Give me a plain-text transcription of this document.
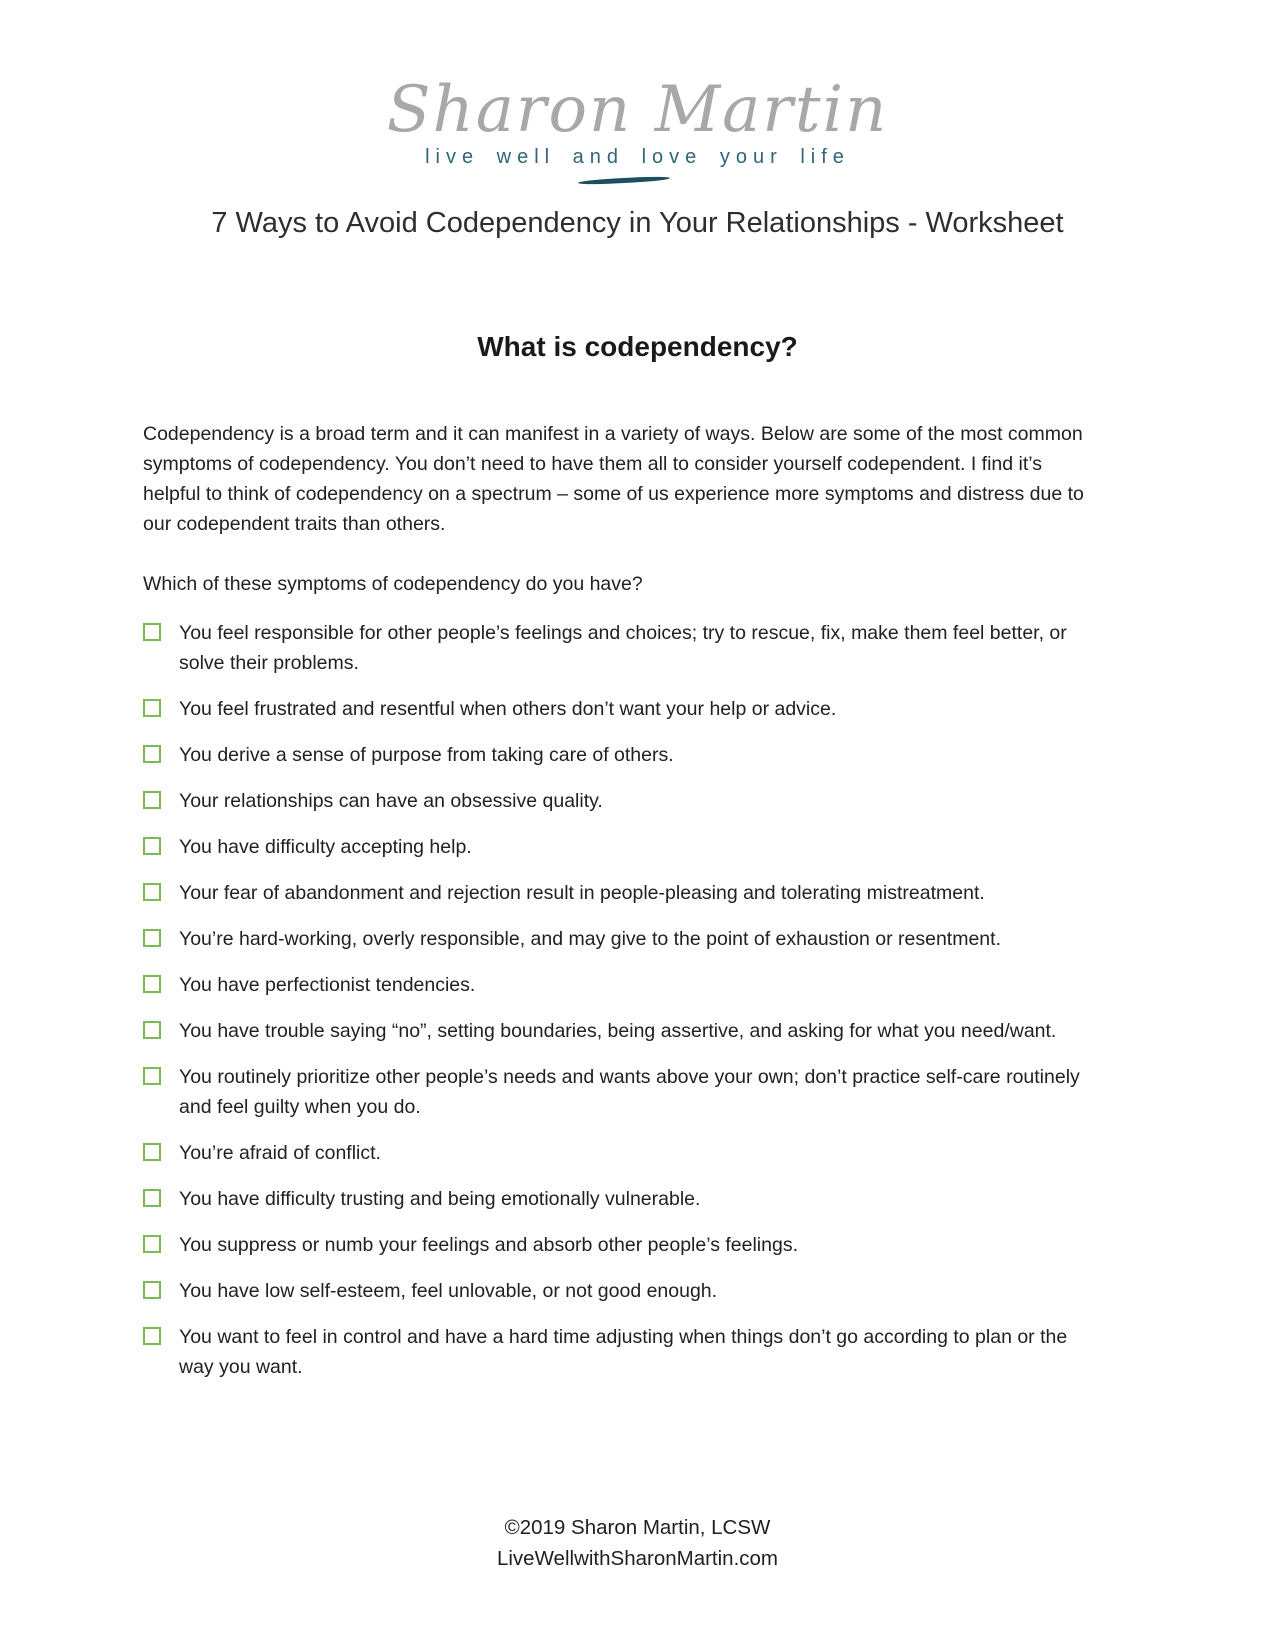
Sharon Martin
live well and love your life
7 Ways to Avoid Codependency in Your Relationships - Worksheet
What is codependency?

Codependency is a broad term and it can manifest in a variety of ways. Below are some of the most common symptoms of codependency. You don’t need to have them all to consider yourself codependent. I find it’s helpful to think of codependency on a spectrum – some of us experience more symptoms and distress due to our codependent traits than others.

Which of these symptoms of codependency do you have?

You feel responsible for other people’s feelings and choices; try to rescue, fix, make them feel better, or solve their problems.
You feel frustrated and resentful when others don’t want your help or advice.
You derive a sense of purpose from taking care of others.
Your relationships can have an obsessive quality.
You have difficulty accepting help.
Your fear of abandonment and rejection result in people-pleasing and tolerating mistreatment.
You’re hard-working, overly responsible, and may give to the point of exhaustion or resentment.
You have perfectionist tendencies.
You have trouble saying “no”, setting boundaries, being assertive, and asking for what you need/want.
You routinely prioritize other people’s needs and wants above your own; don’t practice self-care routinely and feel guilty when you do.
You’re afraid of conflict.
You have difficulty trusting and being emotionally vulnerable.
You suppress or numb your feelings and absorb other people’s feelings.
You have low self-esteem, feel unlovable, or not good enough.
You want to feel in control and have a hard time adjusting when things don’t go according to plan or the way you want.
©2019 Sharon Martin, LCSW
LiveWellwithSharonMartin.com
